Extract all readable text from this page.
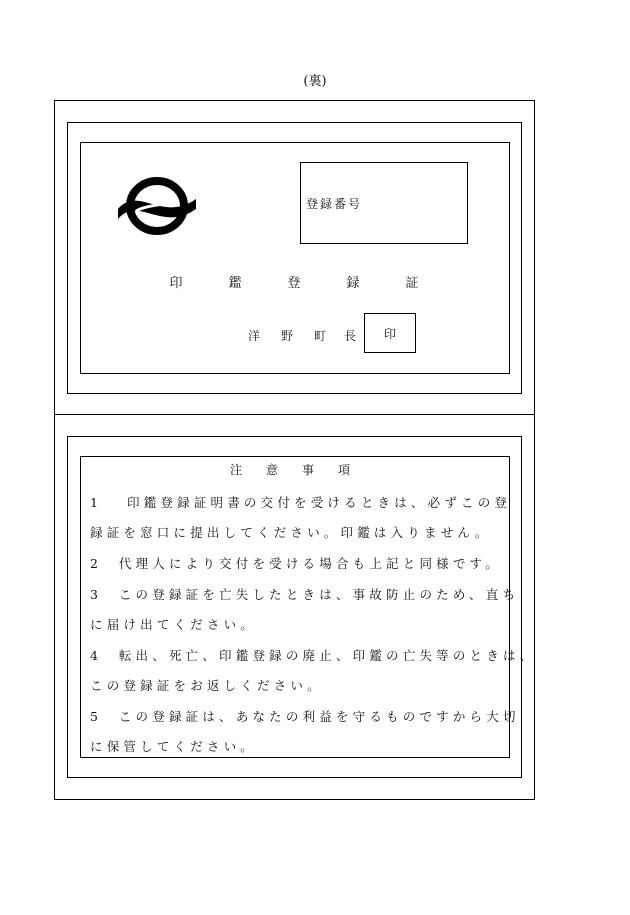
(裏)
登録番号
印	鑑	登	録	証
洋 野 町 長	印
注	意	事	項
1　 印鑑登録証明書の交付を受けるときは、必ずこの登
録証を窓口に提出してください。印鑑は入りません。
2　代理人により交付を受ける場合も上記と同様です。
3　この登録証を亡失したときは、事故防止のため、直ち
に届け出てください。
4　転出、死亡、印鑑登録の廃止、印鑑の亡失等のときは、
この登録証をお返しください。
5　この登録証は、あなたの利益を守るものですから大切
に保管してください。
